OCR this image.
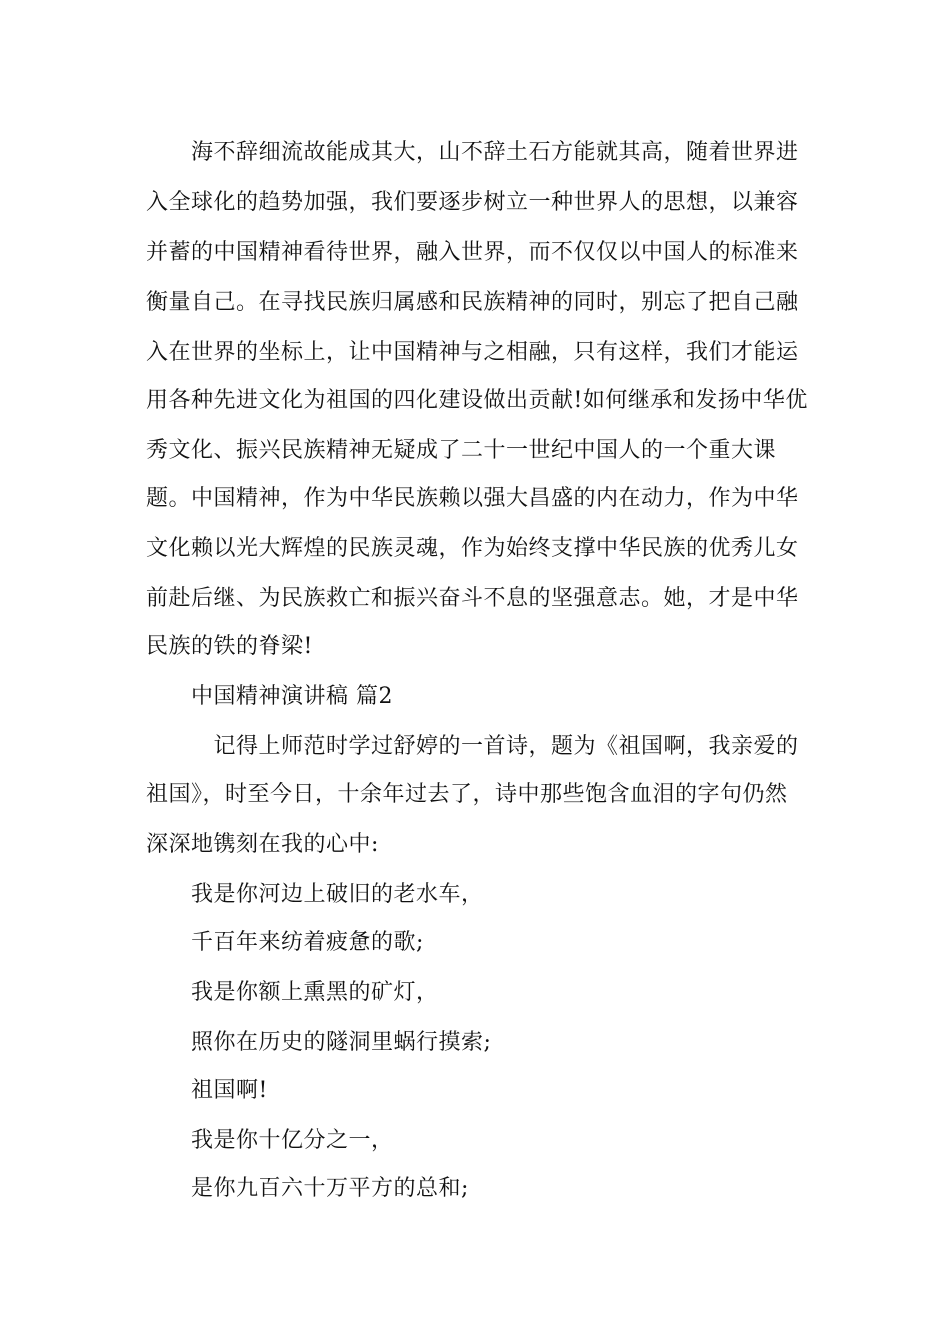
　　海不辞细流故能成其大，山不辞土石方能就其高，随着世界进
入全球化的趋势加强，我们要逐步树立一种世界人的思想，以兼容
并蓄的中国精神看待世界，融入世界，而不仅仅以中国人的标准来
衡量自己。在寻找民族归属感和民族精神的同时，别忘了把自己融
入在世界的坐标上，让中国精神与之相融，只有这样，我们才能运
用各种先进文化为祖国的四化建设做出贡献!如何继承和发扬中华优
秀文化、振兴民族精神无疑成了二十一世纪中国人的一个重大课
题。中国精神，作为中华民族赖以强大昌盛的内在动力，作为中华
文化赖以光大辉煌的民族灵魂，作为始终支撑中华民族的优秀儿女
前赴后继、为民族救亡和振兴奋斗不息的坚强意志。她，才是中华
民族的铁的脊梁!
　　中国精神演讲稿 篇2
　　　记得上师范时学过舒婷的一首诗，题为《祖国啊，我亲爱的
祖国》，时至今日，十余年过去了，诗中那些饱含血泪的字句仍然
深深地镌刻在我的心中:
　　我是你河边上破旧的老水车，
　　千百年来纺着疲惫的歌;
　　我是你额上熏黑的矿灯，
　　照你在历史的隧洞里蜗行摸索;
　　祖国啊!
　　我是你十亿分之一，
　　是你九百六十万平方的总和;
